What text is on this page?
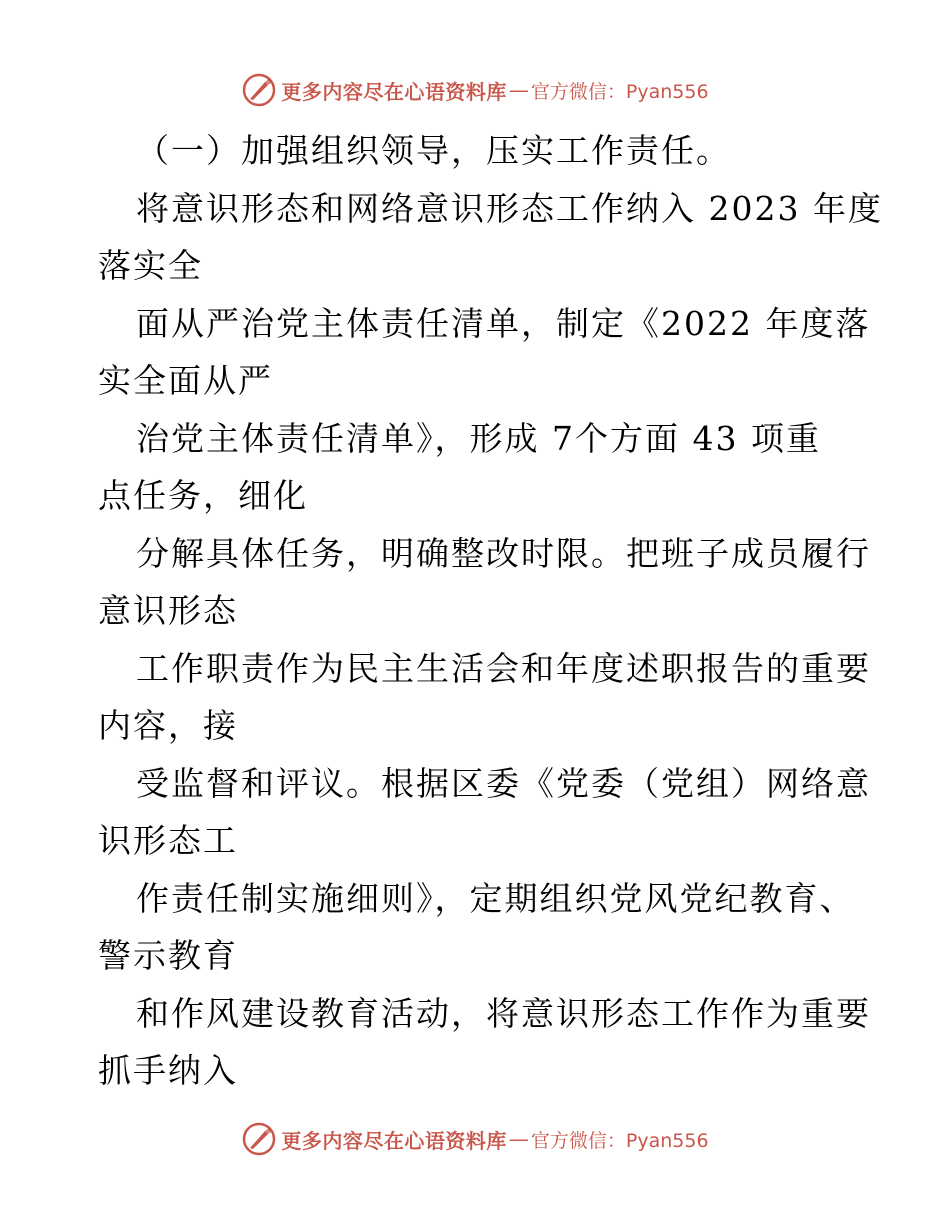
更多内容尽在心语资料库 — 官方微信：Pyan556
（一）加强组织领导，压实工作责任。
将意识形态和网络意识形态工作纳入 2023 年度
落实全
面从严治党主体责任清单，制定《2022 年度落
实全面从严
治党主体责任清单》，形成 7个方面 43 项重
点任务，细化
分解具体任务，明确整改时限。把班子成员履行
意识形态
工作职责作为民主生活会和年度述职报告的重要
内容，接
受监督和评议。根据区委《党委（党组）网络意
识形态工
作责任制实施细则》，定期组织党风党纪教育、
警示教育
和作风建设教育活动，将意识形态工作作为重要
抓手纳入
更多内容尽在心语资料库 — 官方微信：Pyan556
